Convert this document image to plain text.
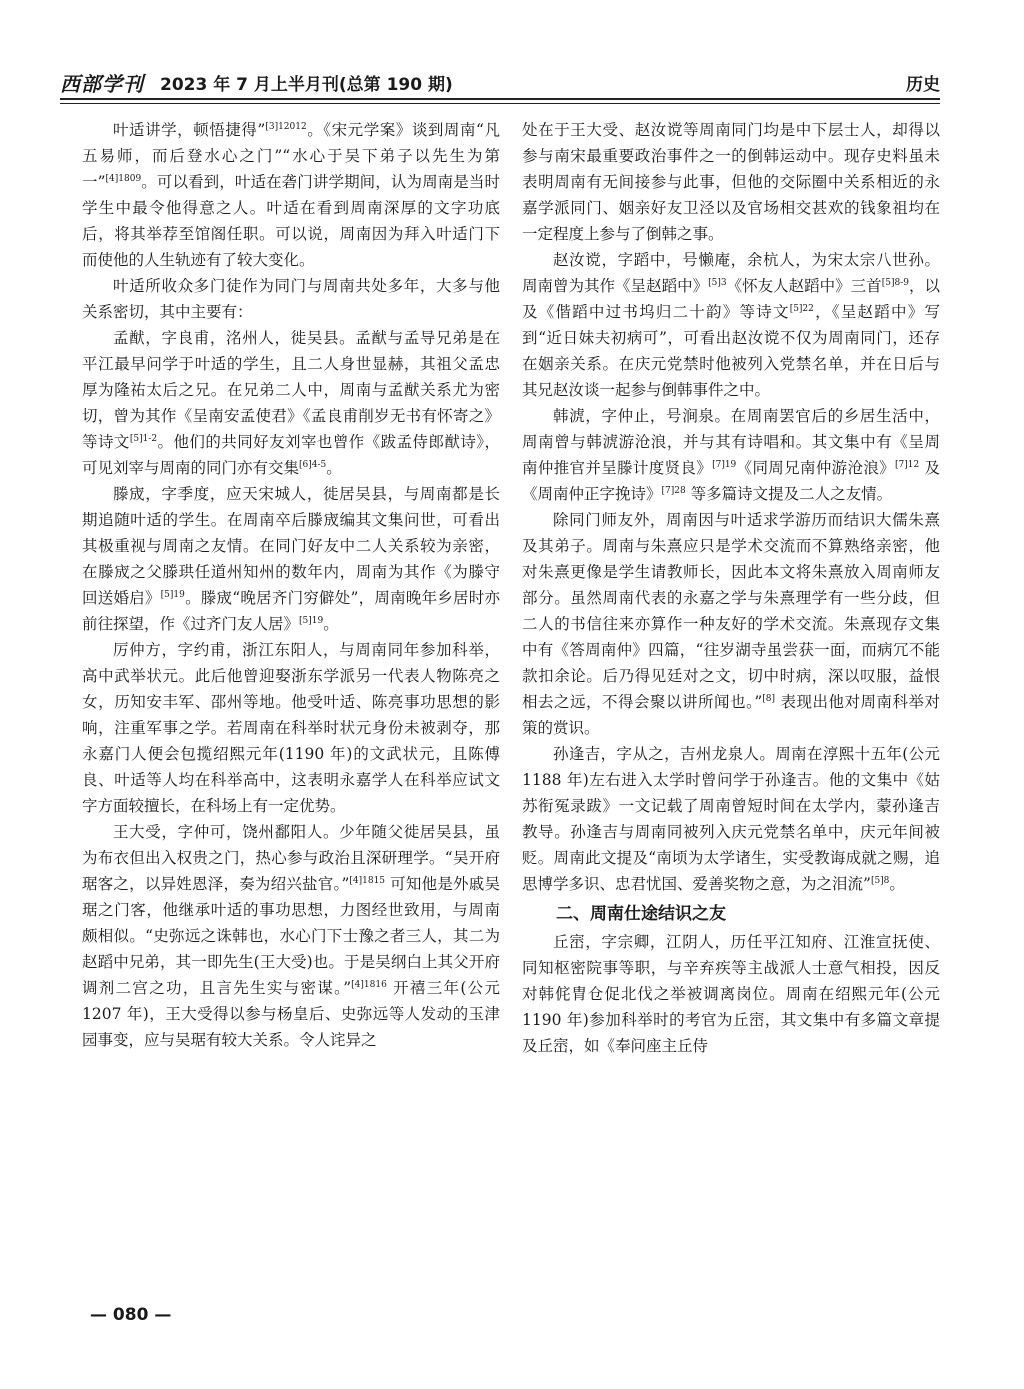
西部学刊 2023 年 7 月上半月刊(总第 190 期)	历史

叶适讲学，顿悟捷得”$^{[3]12012}$。《宋元学案》谈到周南“凡五易师，而后登水心之门”“水心于吴下弟子以先生为第一”$^{[4]1809}$。可以看到，叶适在砻门讲学期间，认为周南是当时学生中最令他得意之人。叶适在看到周南深厚的文字功底后，将其举荐至馆阁任职。可以说，周南因为拜入叶适门下而使他的人生轨迹有了较大变化。

叶适所收众多门徒作为同门与周南共处多年，大多与他关系密切，其中主要有：

孟猷，字良甫，洺州人，徙吴县。孟猷与孟导兄弟是在平江最早问学于叶适的学生，且二人身世显赫，其祖父孟忠厚为隆祐太后之兄。在兄弟二人中，周南与孟猷关系尤为密切，曾为其作《呈南安孟使君》《孟良甫削岁无书有怀寄之》等诗文$^{[5]1-2}$。他们的共同好友刘宰也曾作《跋孟侍郎猷诗》，可见刘宰与周南的同门亦有交集$^{[6]4-5}$。

滕宬，字季度，应天宋城人，徙居吴县，与周南都是长期追随叶适的学生。在周南卒后滕宬编其文集问世，可看出其极重视与周南之友情。在同门好友中二人关系较为亲密，在滕宬之父滕珙任道州知州的数年内，周南为其作《为滕守回送婚启》$^{[5]19}$。滕宬“晚居齐门穷僻处”，周南晚年乡居时亦前往探望，作《过齐门友人居》$^{[5]19}$。

厉仲方，字约甫，浙江东阳人，与周南同年参加科举，高中武举状元。此后他曾迎娶浙东学派另一代表人物陈亮之女，历知安丰军、邵州等地。他受叶适、陈亮事功思想的影响，注重军事之学。若周南在科举时状元身份未被剥夺，那永嘉门人便会包揽绍熙元年(1190 年)的文武状元，且陈傅良、叶适等人均在科举高中，这表明永嘉学人在科举应试文字方面较擅长，在科场上有一定优势。

王大受，字仲可，饶州鄱阳人。少年随父徙居吴县，虽为布衣但出入权贵之门，热心参与政治且深研理学。“吴开府琚客之，以异姓恩泽，奏为绍兴盐官。”$^{[4]1815}$ 可知他是外戚吴琚之门客，他继承叶适的事功思想，力图经世致用，与周南颇相似。“史弥远之诛韩也，水心门下士豫之者三人，其二为赵蹈中兄弟，其一即先生(王大受)也。于是吴纲白上其父开府调剂二宫之功，且言先生实与密谋。”$^{[4]1816}$ 开禧三年(公元 1207 年)，王大受得以参与杨皇后、史弥远等人发动的玉津园事变，应与吴琚有较大关系。令人诧异之

处在于王大受、赵汝谠等周南同门均是中下层士人，却得以参与南宋最重要政治事件之一的倒韩运动中。现存史料虽未表明周南有无间接参与此事，但他的交际圈中关系相近的永嘉学派同门、姻亲好友卫泾以及官场相交甚欢的钱象祖均在一定程度上参与了倒韩之事。

赵汝谠，字蹈中，号懒庵，余杭人，为宋太宗八世孙。周南曾为其作《呈赵蹈中》$^{[5]3}$《怀友人赵蹈中》三首$^{[5]8-9}$，以及《偕蹈中过书坞归二十韵》等诗文$^{[5]22}$，《呈赵蹈中》写到“近日妹夫初病可”，可看出赵汝谠不仅为周南同门，还存在姻亲关系。在庆元党禁时他被列入党禁名单，并在日后与其兄赵汝谈一起参与倒韩事件之中。

韩淲，字仲止，号涧泉。在周南罢官后的乡居生活中，周南曾与韩淲游沧浪，并与其有诗唱和。其文集中有《呈周南仲推官并呈滕计度贤良》$^{[7]19}$《同周兄南仲游沧浪》$^{[7]12}$ 及《周南仲正字挽诗》$^{[7]28}$ 等多篇诗文提及二人之友情。

除同门师友外，周南因与叶适求学游历而结识大儒朱熹及其弟子。周南与朱熹应只是学术交流而不算熟络亲密，他对朱熹更像是学生请教师长，因此本文将朱熹放入周南师友部分。虽然周南代表的永嘉之学与朱熹理学有一些分歧，但二人的书信往来亦算作一种友好的学术交流。朱熹现存文集中有《答周南仲》四篇，“往岁湖寺虽尝获一面，而病冗不能款扣余论。后乃得见廷对之文，切中时病，深以叹服，益恨相去之远，不得会聚以讲所闻也。”[8] 表现出他对周南科举对策的赏识。

孙逢吉，字从之，吉州龙泉人。周南在淳熙十五年(公元 1188 年)左右进入太学时曾问学于孙逢吉。他的文集中《姑苏衔冤录跋》一文记载了周南曾短时间在太学内，蒙孙逢吉教导。孙逢吉与周南同被列入庆元党禁名单中，庆元年间被贬。周南此文提及“南顷为太学诸生，实受教诲成就之赐，追思博学多识、忠君忧国、爱善奖物之意，为之泪流”$^{[5]8}$。

二、周南仕途结识之友

丘崈，字宗卿，江阴人，历任平江知府、江淮宣抚使、同知枢密院事等职，与辛弃疾等主战派人士意气相投，因反对韩侂胄仓促北伐之举被调离岗位。周南在绍熙元年(公元 1190 年)参加科举时的考官为丘崈，其文集中有多篇文章提及丘崈，如《奉问座主丘侍

— 080 —
